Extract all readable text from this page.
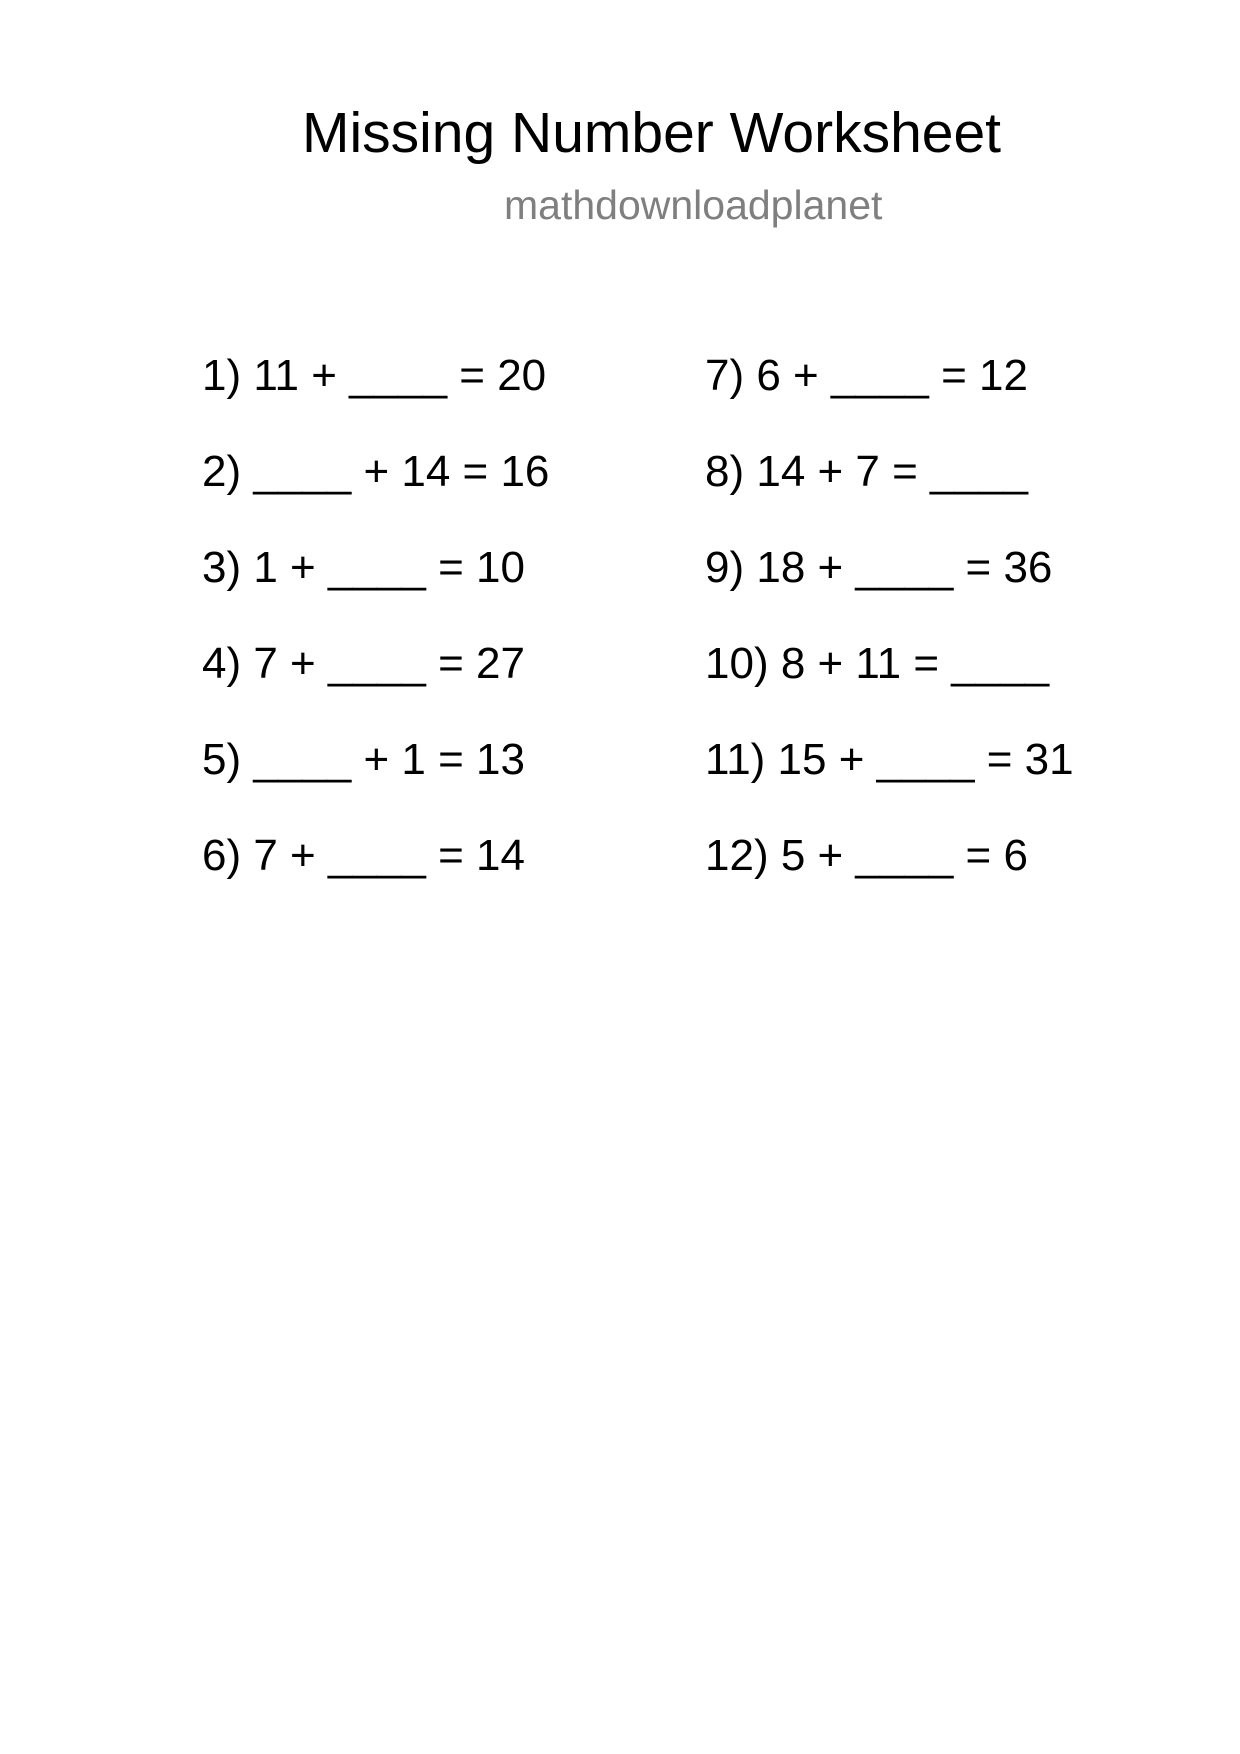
Missing Number Worksheet
mathdownloadplanet
1) 11 + ____ = 20
2) ____ + 14 = 16
3) 1 + ____ = 10
4) 7 + ____ = 27
5) ____ + 1 = 13
6) 7 + ____ = 14
7) 6 + ____ = 12
8) 14 + 7 = ____
9) 18 + ____ = 36
10) 8 + 11 = ____
11) 15 + ____ = 31
12) 5 + ____ = 6
